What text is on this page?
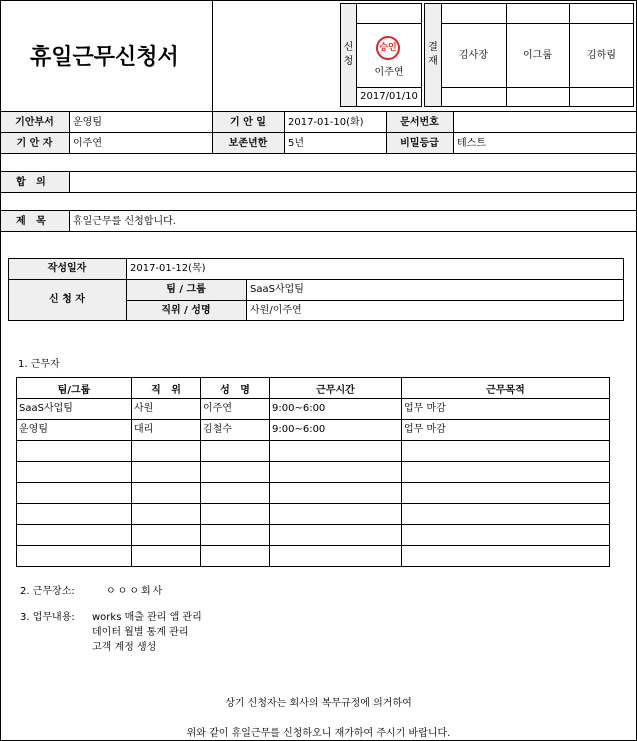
휴일근무신청서	신
청
승인
이주연
2017/01/10
결
재
김사장	이그룹	김하림
기안부서	운영팀	기 안 일	2017-01-10(화)	문서번호
기 안 자	이주연	보존년한	5년	비밀등급	테스트
합   의
제   목	휴일근무를 신청합니다.
작성일자	2017-01-12(목)
신 청 자
팀 / 그룹	SaaS사업팀
직위 / 성명	사원/이주연
1. 근무자
팀/그룹	직   위	성   명	근무시간	근무목적
SaaS사업팀	사원	이주연	9:00~6:00	업무 마감
운영팀	대리	김철수	9:00~6:00	업무 마감

2. 근무장소:	ㅇㅇㅇ회사
3. 업무내용: works 매출 관리 앱 관리
데이터 월별 통계 관리
고객 계정 생성
상기 신청자는 회사의 복무규정에 의거하여
위와 같이 휴일근무를 신청하오니 재가하여 주시기 바랍니다.
